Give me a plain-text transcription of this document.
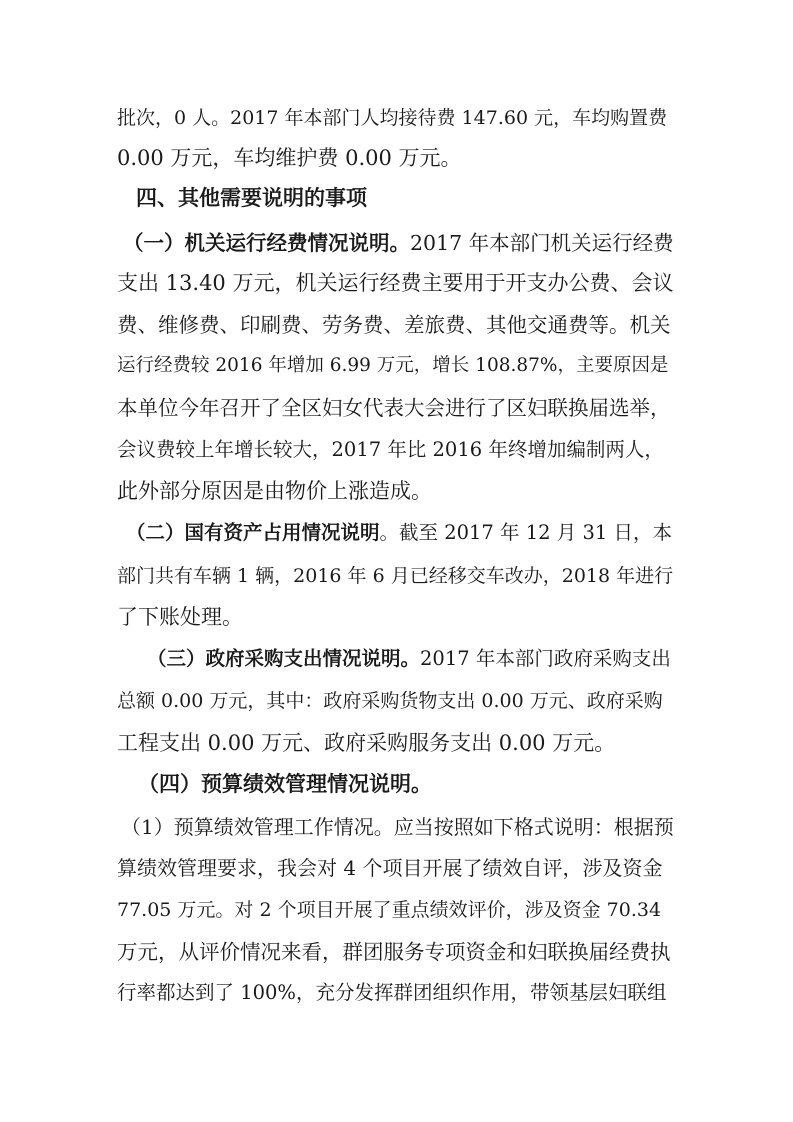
批次，0 人。2017 年本部门人均接待费 147.60 元，车均购置费
0.00 万元，车均维护费 0.00 万元。
四、其他需要说明的事项
（一）机关运行经费情况说明。2017 年本部门机关运行经费
支出 13.40 万元，机关运行经费主要用于开支办公费、会议
费、维修费、印刷费、劳务费、差旅费、其他交通费等。机关
运行经费较 2016 年增加 6.99 万元，增长 108.87%，主要原因是
本单位今年召开了全区妇女代表大会进行了区妇联换届选举，
会议费较上年增长较大，2017 年比 2016 年终增加编制两人，
此外部分原因是由物价上涨造成。
（二）国有资产占用情况说明。截至 2017 年 12 月 31 日，本
部门共有车辆 1 辆，2016 年 6 月已经移交车改办，2018 年进行
了下账处理。
（三）政府采购支出情况说明。2017 年本部门政府采购支出
总额 0.00 万元，其中：政府采购货物支出 0.00 万元、政府采购
工程支出 0.00 万元、政府采购服务支出 0.00 万元。
（四）预算绩效管理情况说明。
（1）预算绩效管理工作情况。应当按照如下格式说明：根据预
算绩效管理要求，我会对 4 个项目开展了绩效自评，涉及资金
77.05 万元。对 2 个项目开展了重点绩效评价，涉及资金 70.34
万元，从评价情况来看，群团服务专项资金和妇联换届经费执
行率都达到了 100%，充分发挥群团组织作用，带领基层妇联组
